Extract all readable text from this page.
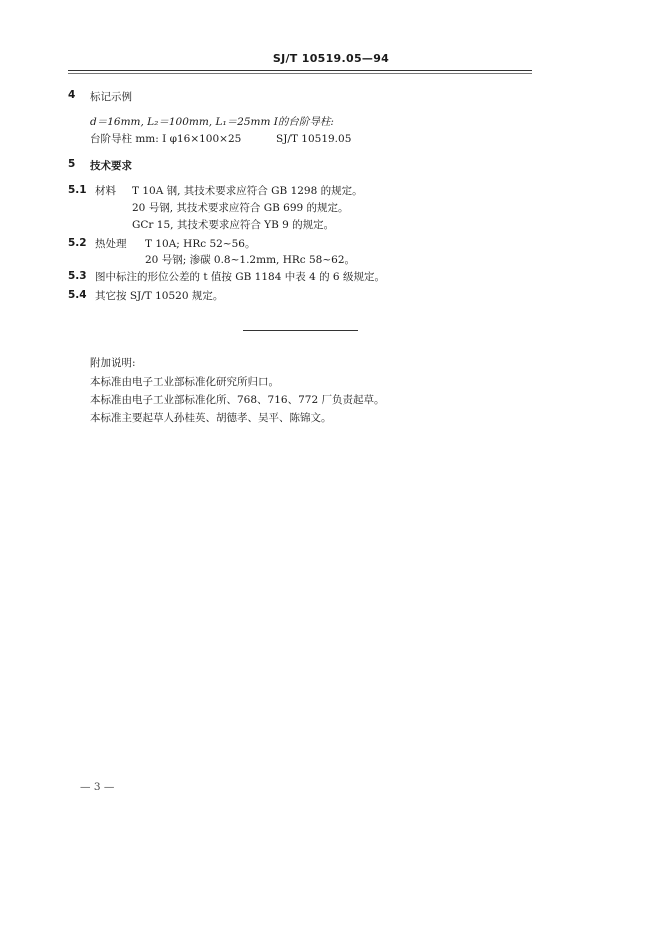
SJ/T 10519.05—94
4 标记示例
d＝16mm, L₂＝100mm, L₁＝25mm Ⅰ的台阶导柱:
台阶导柱 mm: Ⅰ φ16×100×25	SJ/T 10519.05
5 技术要求
5.1 材料 T 10A 钢, 其技术要求应符合 GB 1298 的规定。
20 号钢, 其技术要求应符合 GB 699 的规定。
GCr 15, 其技术要求应符合 YB 9 的规定。
5.2 热处理 T 10A; HRc 52~56。
20 号钢; 渗碳 0.8~1.2mm, HRc 58~62。
5.3 图中标注的形位公差的 t 值按 GB 1184 中表 4 的 6 级规定。
5.4 其它按 SJ/T 10520 规定。
附加说明:
本标准由电子工业部标准化研究所归口。
本标准由电子工业部标准化所、768、716、772 厂负责起草。
本标准主要起草人孙桂英、胡德孝、吴平、陈锦文。
— 3 —
